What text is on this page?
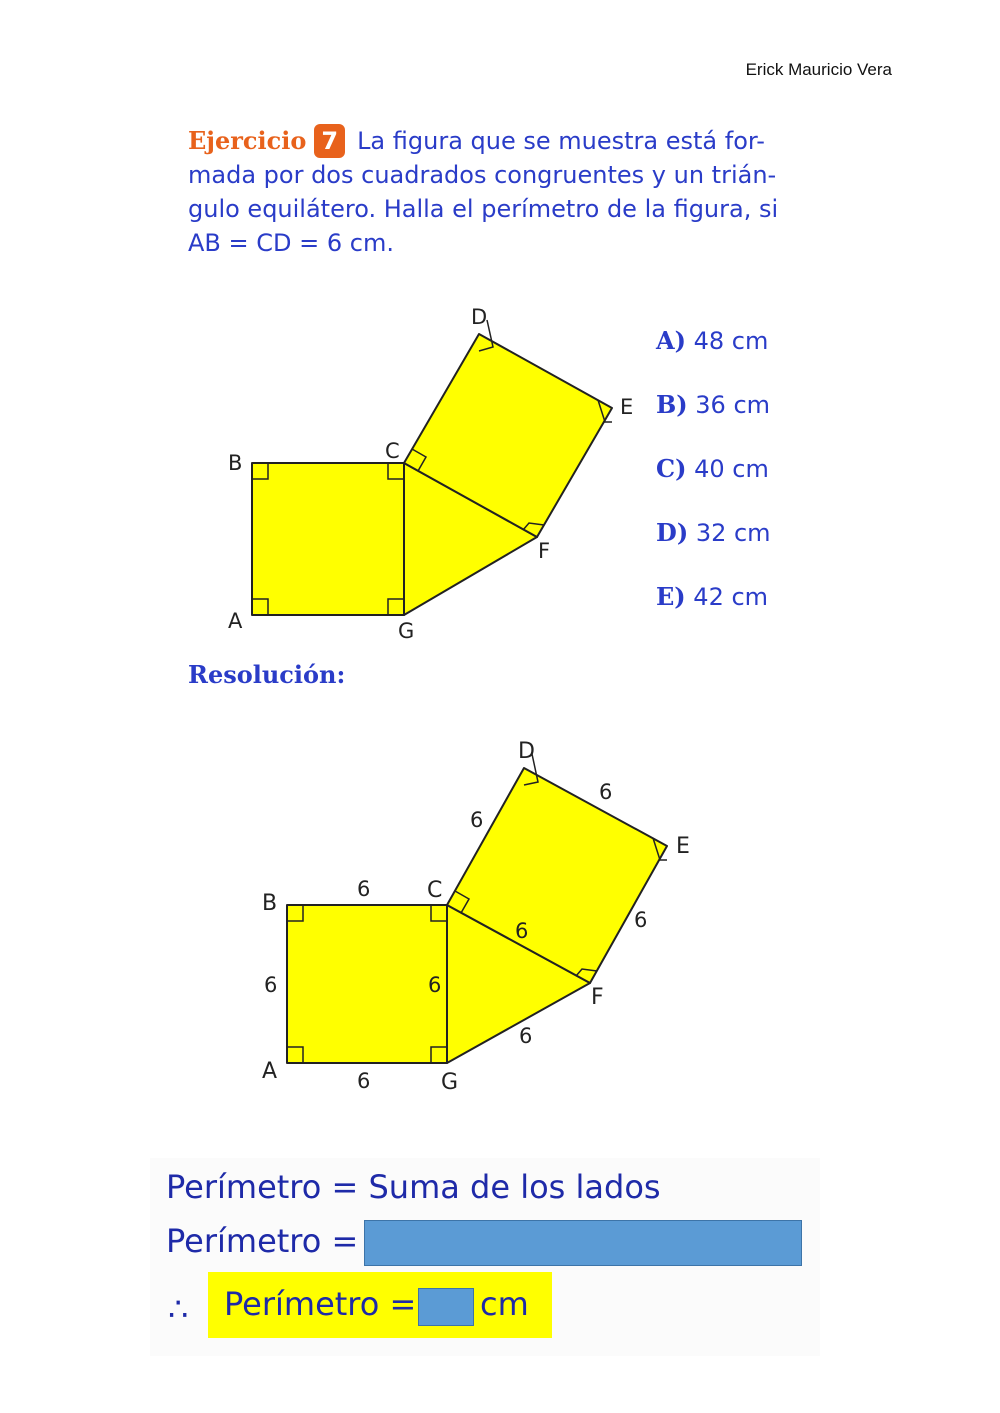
Erick Mauricio Vera
Ejercicio 7 La figura que se muestra está for-
mada por dos cuadrados congruentes y un trián-
gulo equilátero. Halla el perímetro de la figura, si
AB = CD = 6 cm.
B
A
C
G
D
E
F
A) 48 cm
B) 36 cm
C) 40 cm
D) 32 cm
E) 42 cm
Resolución:
B
A
C
G
D
E
F
6
6	6
6
6
6
6
6
6
Perímetro = Suma de los lados
Perímetro =
∴ Perímetro = cm
